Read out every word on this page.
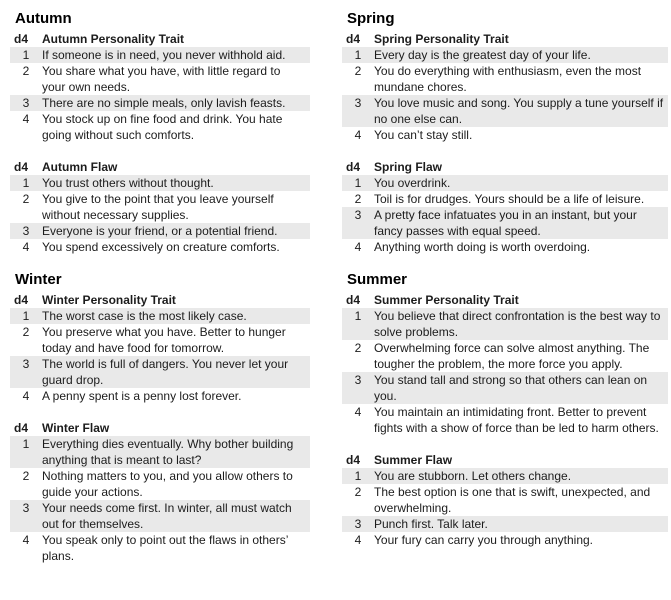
Autumn
d4	Autumn Personality Trait
1	If someone is in need, you never withhold aid.
2	You share what you have, with little regard to your own needs.
3	There are no simple meals, only lavish feasts.
4	You stock up on fine food and drink. You hate going without such comforts.
d4	Autumn Flaw
1	You trust others without thought.
2	You give to the point that you leave yourself without necessary supplies.
3	Everyone is your friend, or a potential friend.
4	You spend excessively on creature comforts.
Winter
d4	Winter Personality Trait
1	The worst case is the most likely case.
2	You preserve what you have. Better to hunger today and have food for tomorrow.
3	The world is full of dangers. You never let your guard drop.
4	A penny spent is a penny lost forever.
d4	Winter Flaw
1	Everything dies eventually. Why bother building anything that is meant to last?
2	Nothing matters to you, and you allow others to guide your actions.
3	Your needs come first. In winter, all must watch out for themselves.
4	You speak only to point out the flaws in others’ plans.
Spring
d4	Spring Personality Trait
1	Every day is the greatest day of your life.
2	You do everything with enthusiasm, even the most mundane chores.
3	You love music and song. You supply a tune yourself if no one else can.
4	You can’t stay still.
d4	Spring Flaw
1	You overdrink.
2	Toil is for drudges. Yours should be a life of leisure.
3	A pretty face infatuates you in an instant, but your fancy passes with equal speed.
4	Anything worth doing is worth overdoing.
Summer
d4	Summer Personality Trait
1	You believe that direct confrontation is the best way to solve problems.
2	Overwhelming force can solve almost anything. The tougher the problem, the more force you apply.
3	You stand tall and strong so that others can lean on you.
4	You maintain an intimidating front. Better to prevent fights with a show of force than be led to harm others.
d4	Summer Flaw
1	You are stubborn. Let others change.
2	The best option is one that is swift, unexpected, and overwhelming.
3	Punch first. Talk later.
4	Your fury can carry you through anything.
